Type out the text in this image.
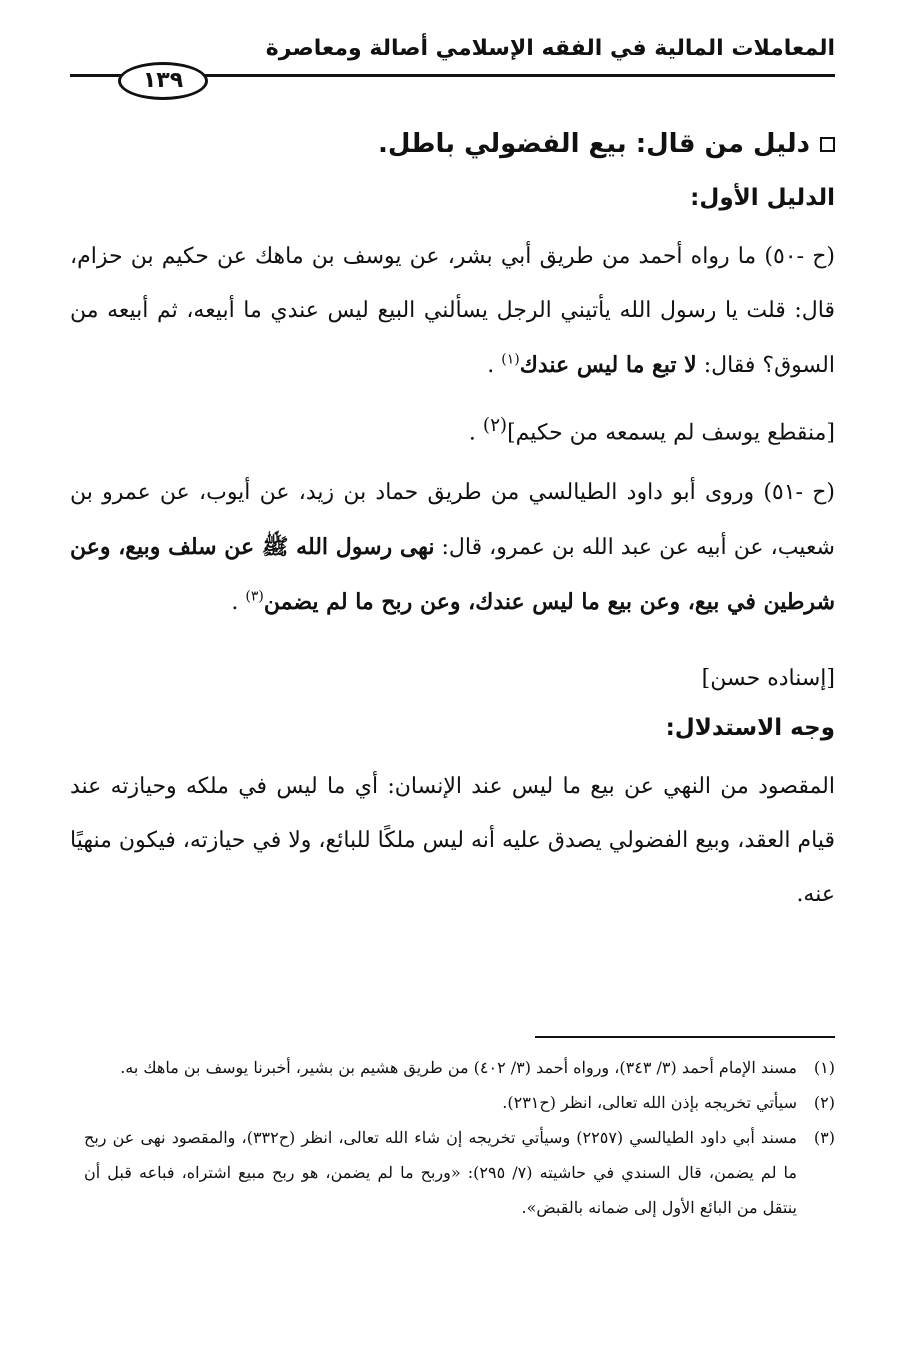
المعاملات المالية في الفقه الإسلامي أصالة ومعاصرة
١٣٩
دليل من قال: بيع الفضولي باطل.
الدليل الأول:

(ح -٥٠) ما رواه أحمد من طريق أبي بشر، عن يوسف بن ماهك عن حكيم بن حزام، قال: قلت يا رسول الله يأتيني الرجل يسألني البيع ليس عندي ما أبيعه، ثم أبيعه من السوق؟ فقال: لا تبع ما ليس عندك$^{(١)}$ .

[منقطع يوسف لم يسمعه من حكيم]$^{(٢)}$ .

(ح -٥١) وروى أبو داود الطيالسي من طريق حماد بن زيد، عن أيوب، عن عمرو بن شعيب، عن أبيه عن عبد الله بن عمرو، قال: نهى رسول الله ﷺ عن سلف وبيع، وعن شرطين في بيع، وعن بيع ما ليس عندك، وعن ربح ما لم يضمن$^{(٣)}$ .

[إسناده حسن]

وجه الاستدلال:

المقصود من النهي عن بيع ما ليس عند الإنسان: أي ما ليس في ملكه وحيازته عند قيام العقد، وبيع الفضولي يصدق عليه أنه ليس ملكًا للبائع، ولا في حيازته، فيكون منهيًا عنه.

(١)
مسند الإمام أحمد (٣/ ٣٤٣)، ورواه أحمد (٣/ ٤٠٢) من طريق هشيم بن بشير، أخبرنا يوسف بن ماهك به.
(٢)
سيأتي تخريجه بإذن الله تعالى، انظر (ح٢٣١).
(٣)
مسند أبي داود الطيالسي (٢٢٥٧) وسيأتي تخريجه إن شاء الله تعالى، انظر (ح٣٣٢)، والمقصود نهى عن ربح ما لم يضمن، قال السندي في حاشيته (٧/ ٢٩٥): «وربح ما لم يضمن، هو ربح مبيع اشتراه، فباعه قبل أن ينتقل من البائع الأول إلى ضمانه بالقبض».
